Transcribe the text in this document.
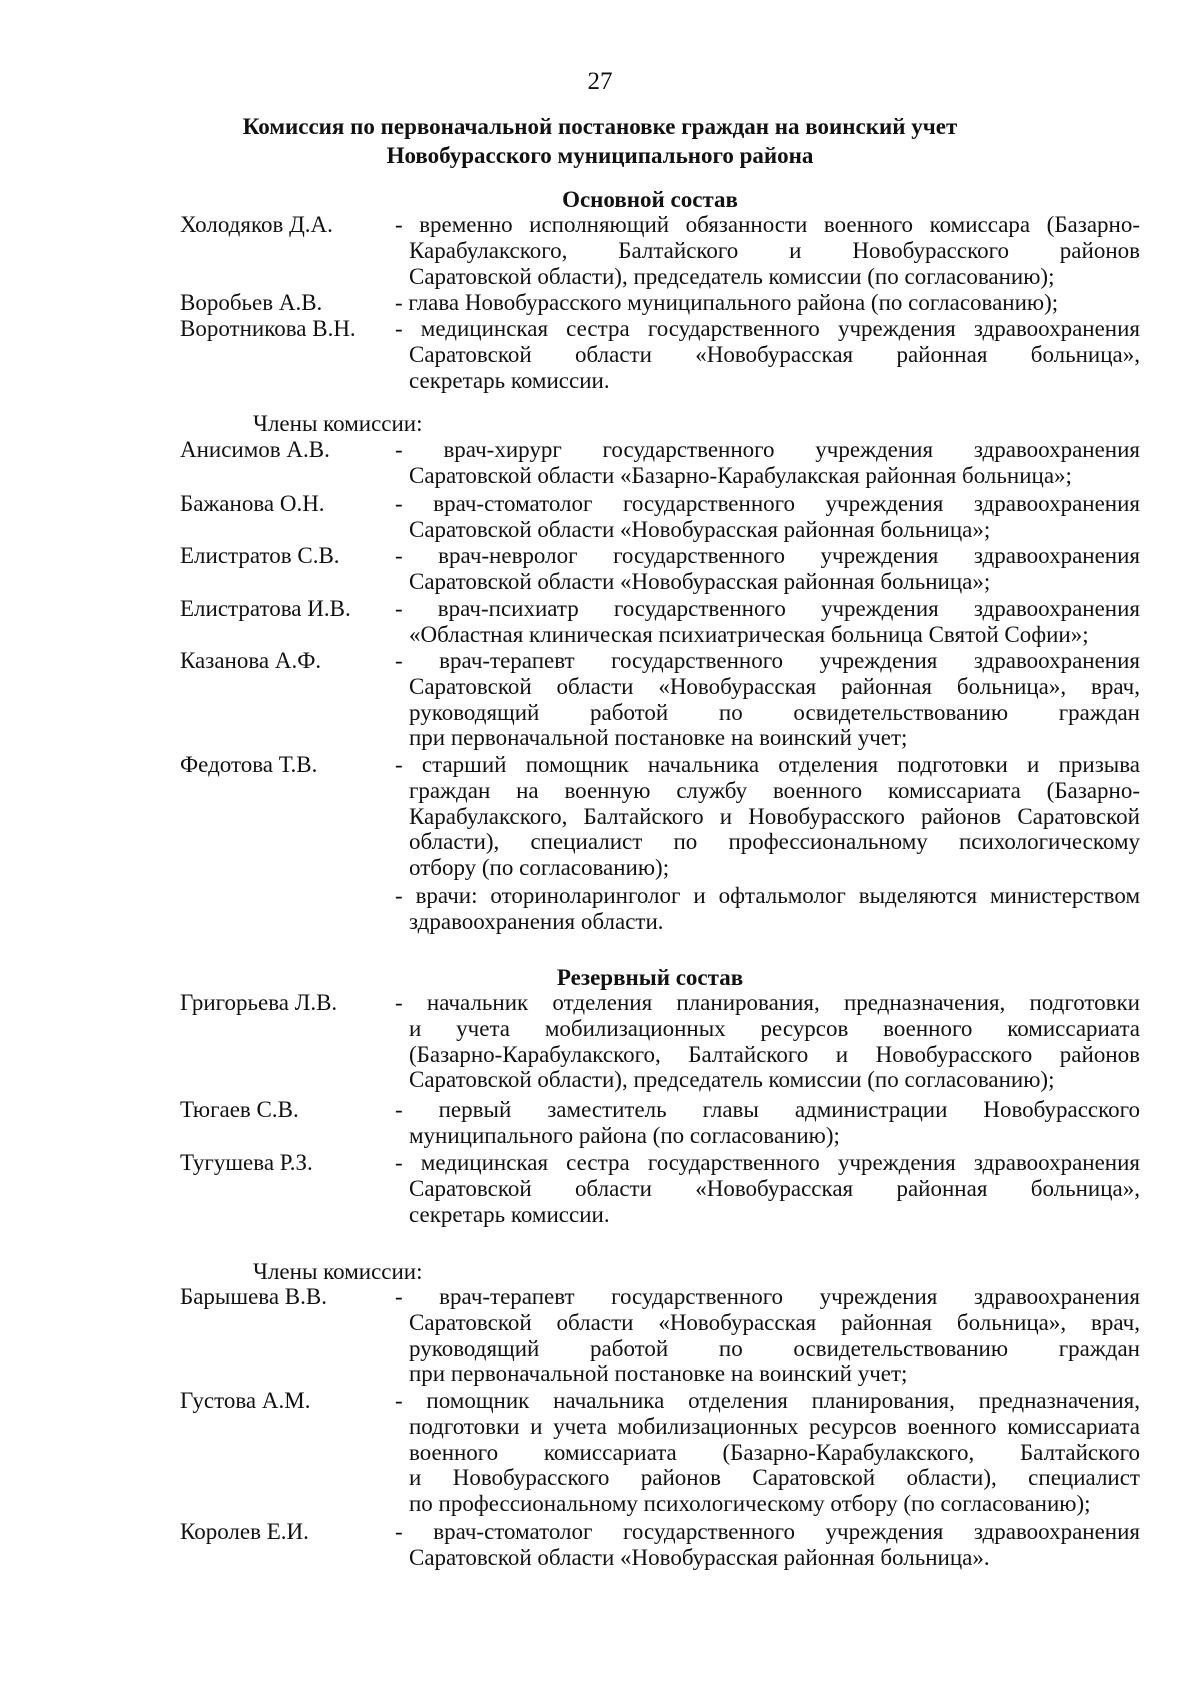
27
Комиссия по первоначальной постановке граждан на воинский учет
Новобурасского муниципального района
Основной состав
Холодяков Д.А.	- временно исполняющий обязанности военного комиссара (Базарно-
Карабулакского, Балтайского и Новобурасского районов
Саратовской области), председатель комиссии (по согласованию);
Воробьев А.В.	- глава Новобурасского муниципального района (по согласованию);
Воротникова В.Н.	- медицинская сестра государственного учреждения здравоохранения
Саратовской области «Новобурасская районная больница»,
секретарь комиссии.
Члены комиссии:
Анисимов А.В.	- врач-хирург государственного учреждения здравоохранения
Саратовской области «Базарно-Карабулакская районная больница»;
Бажанова О.Н.	- врач-стоматолог государственного учреждения здравоохранения
Саратовской области «Новобурасская районная больница»;
Елистратов С.В.	- врач-невролог государственного учреждения здравоохранения
Саратовской области «Новобурасская районная больница»;
Елистратова И.В.	- врач-психиатр государственного учреждения здравоохранения
«Областная клиническая психиатрическая больница Святой Софии»;
Казанова А.Ф.	- врач-терапевт государственного учреждения здравоохранения
Саратовской области «Новобурасская районная больница», врач,
руководящий работой по освидетельствованию граждан
при первоначальной постановке на воинский учет;
Федотова Т.В.	- старший помощник начальника отделения подготовки и призыва
граждан на военную службу военного комиссариата (Базарно-
Карабулакского, Балтайского и Новобурасского районов Саратовской
области), специалист по профессиональному психологическому
отбору (по согласованию);
- врачи: оториноларинголог и офтальмолог выделяются министерством
здравоохранения области.
Резервный состав
Григорьева Л.В.	- начальник отделения планирования, предназначения, подготовки
и учета мобилизационных ресурсов военного комиссариата
(Базарно-Карабулакского, Балтайского и Новобурасского районов
Саратовской области), председатель комиссии (по согласованию);
Тюгаев С.В.	- первый заместитель главы администрации Новобурасского
муниципального района (по согласованию);
Тугушева Р.З.	- медицинская сестра государственного учреждения здравоохранения
Саратовской области «Новобурасская районная больница»,
секретарь комиссии.
Члены комиссии:
Барышева В.В.	- врач-терапевт государственного учреждения здравоохранения
Саратовской области «Новобурасская районная больница», врач,
руководящий работой по освидетельствованию граждан
при первоначальной постановке на воинский учет;
Густова А.М.	- помощник начальника отделения планирования, предназначения,
подготовки и учета мобилизационных ресурсов военного комиссариата
военного комиссариата (Базарно-Карабулакского, Балтайского
и Новобурасского районов Саратовской области), специалист
по профессиональному психологическому отбору (по согласованию);
Королев Е.И.	- врач-стоматолог государственного учреждения здравоохранения
Саратовской области «Новобурасская районная больница».
